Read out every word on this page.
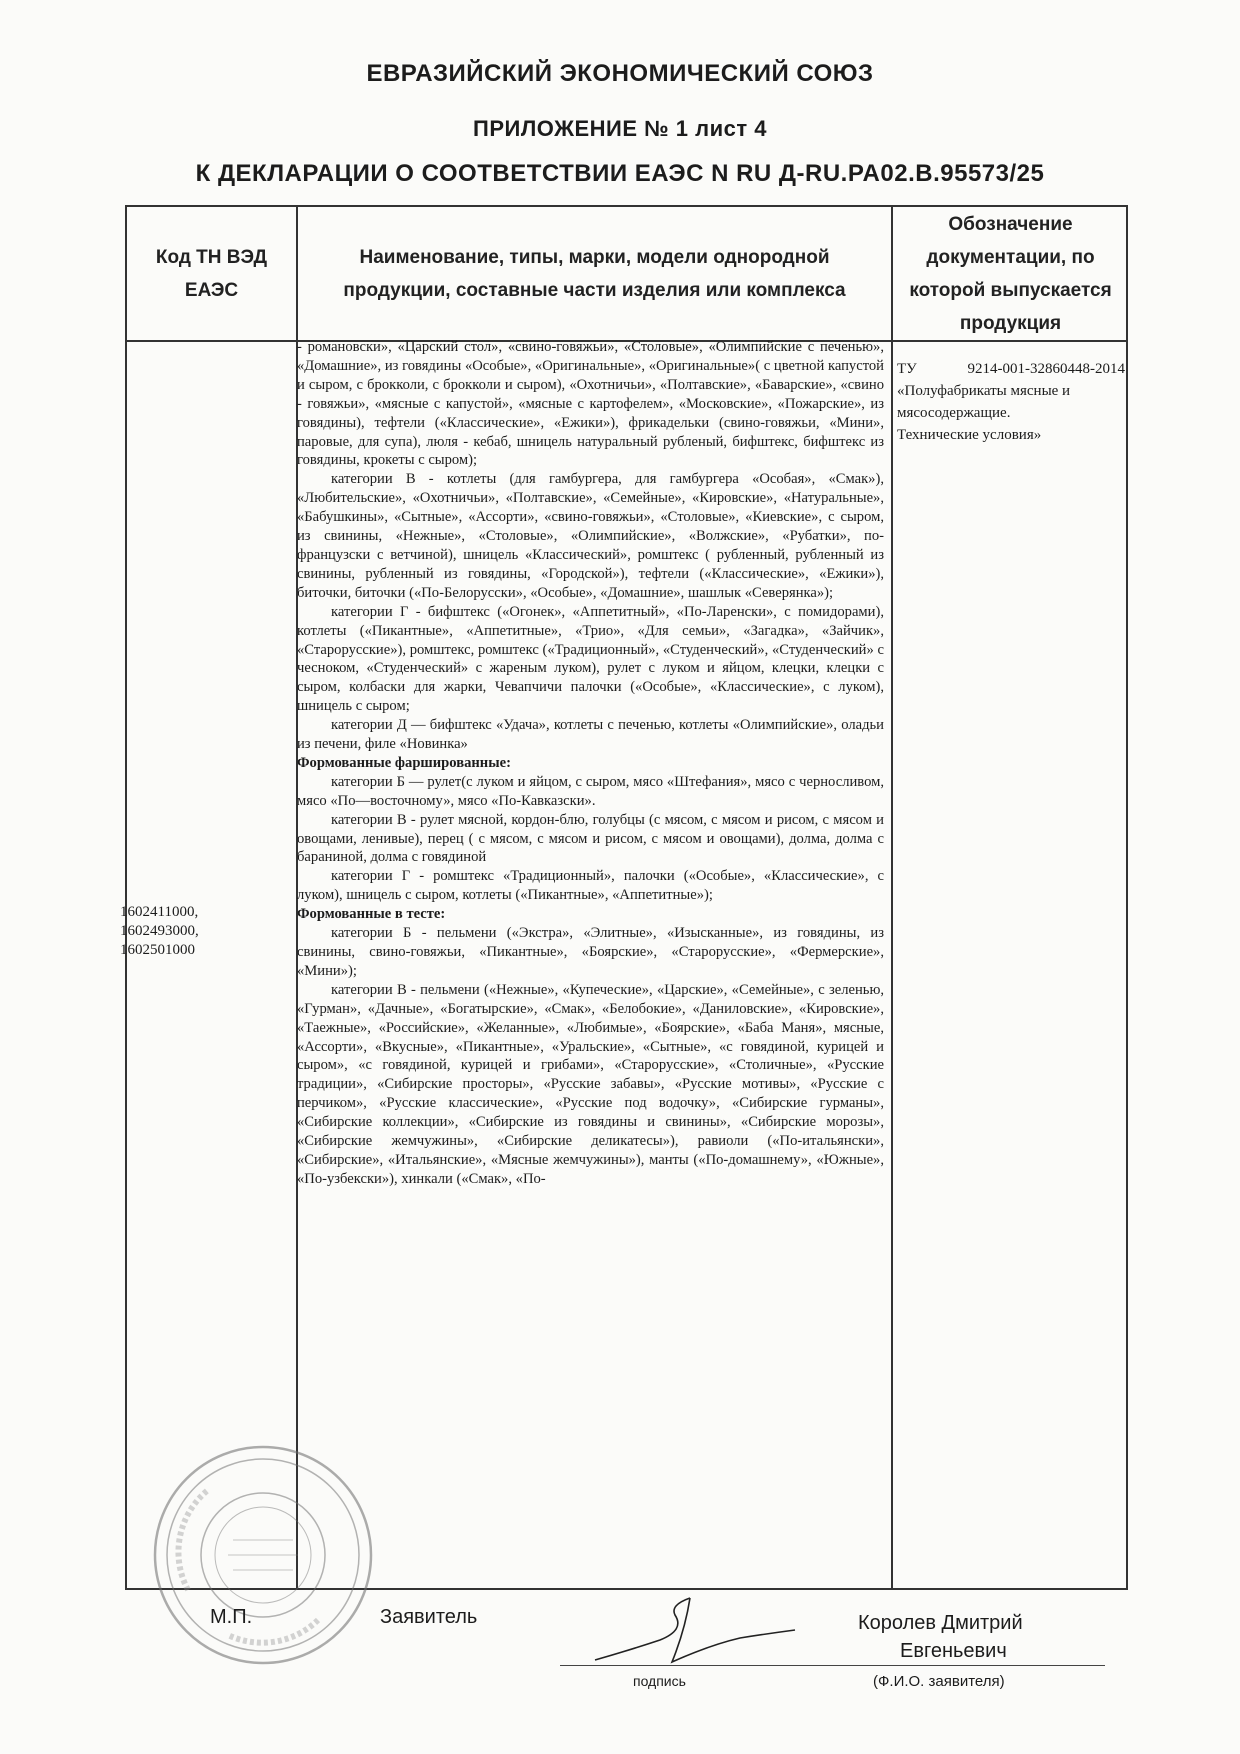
ЕВРАЗИЙСКИЙ ЭКОНОМИЧЕСКИЙ СОЮЗ
ПРИЛОЖЕНИЕ № 1 лист 4
К ДЕКЛАРАЦИИ О СООТВЕТСТВИИ ЕАЭС N RU Д-RU.PA02.B.95573/25
Код ТН ВЭД ЕАЭС
Наименование, типы, марки, модели однородной продукции, составные части изделия или комплекса
Обозначение документации, по которой выпускается продукция
1602411000,
1602493000,
1602501000

- романовски», «Царский стол», «свино-говяжьи», «Столовые», «Олимпийские с печенью», «Домашние», из говядины «Особые», «Оригинальные», «Оригинальные»( с цветной капустой и сыром, с брокколи, с брокколи и сыром), «Охотничьи», «Полтавские», «Баварские», «свино - говяжьи», «мясные с капустой», «мясные с картофелем», «Московские», «Пожарские», из говядины), тефтели («Классические», «Ежики»), фрикадельки (свино-говяжьи, «Мини», паровые, для супа), люля - кебаб, шницель натуральный рубленый, бифштекс, бифштекс из говядины, крокеты с сыром);

категории В - котлеты (для гамбургера, для гамбургера «Особая», «Смак»), «Любительские», «Охотничьи», «Полтавские», «Семейные», «Кировские», «Натуральные», «Бабушкины», «Сытные», «Ассорти», «свино-говяжьи», «Столовые», «Киевские», с сыром, из свинины, «Нежные», «Столовые», «Олимпийские», «Волжские», «Рубатки», по-французски с ветчиной), шницель «Классический», ромштекс ( рубленный, рубленный из свинины, рубленный из говядины, «Городской»), тефтели («Классические», «Ежики»), биточки, биточки («По-Белорусски», «Особые», «Домашние», шашлык «Северянка»);

категории Г - бифштекс («Огонек», «Аппетитный», «По-Ларенски», с помидорами), котлеты («Пикантные», «Аппетитные», «Трио», «Для семьи», «Загадка», «Зайчик», «Старорусские»), ромштекс, ромштекс («Традиционный», «Студенческий», «Студенческий» с чесноком, «Студенческий» с жареным луком), рулет с луком и яйцом, клецки, клецки с сыром, колбаски для жарки, Чевапчичи палочки («Особые», «Классические», с луком), шницель с сыром;

категории Д — бифштекс «Удача», котлеты с печенью, котлеты «Олимпийские», оладьи из печени, филе «Новинка»

Формованные фаршированные:

категории Б — рулет(с луком и яйцом, с сыром, мясо «Штефания», мясо с черносливом, мясо «По—восточному», мясо «По-Кавказски».

категории В - рулет мясной, кордон-блю, голубцы (с мясом, с мясом и рисом, с мясом и овощами, ленивые), перец ( с мясом, с мясом и рисом, с мясом и овощами), долма, долма с бараниной, долма с говядиной

категории Г - ромштекс «Традиционный», палочки («Особые», «Классические», с луком), шницель с сыром, котлеты («Пикантные», «Аппетитные»);

Формованные в тесте:

категории Б - пельмени («Экстра», «Элитные», «Изысканные», из говядины, из свинины, свино-говяжьи, «Пикантные», «Боярские», «Старорусские», «Фермерские», «Мини»);

категории В - пельмени («Нежные», «Купеческие», «Царские», «Семейные», с зеленью, «Гурман», «Дачные», «Богатырские», «Смак», «Белобокие», «Даниловские», «Кировские», «Таежные», «Российские», «Желанные», «Любимые», «Боярские», «Баба Маня», мясные, «Ассорти», «Вкусные», «Пикантные», «Уральские», «Сытные», «с говядиной, курицей и сыром», «с говядиной, курицей и грибами», «Старорусские», «Столичные», «Русские традиции», «Сибирские просторы», «Русские забавы», «Русские мотивы», «Русские с перчиком», «Русские классические», «Русские под водочку», «Сибирские гурманы», «Сибирские коллекции», «Сибирские из говядины и свинины», «Сибирские морозы», «Сибирские жемчужины», «Сибирские деликатесы»), равиоли («По-итальянски», «Сибирские», «Итальянские», «Мясные жемчужины»), манты («По-домашнему», «Южные», «По-узбекски»), хинкали («Смак», «По-

ТУ 9214-001-32860448-2014
«Полуфабрикаты мясные и мясосодержащие.
Технические условия»
М.П.	Заявитель
подпись
Королев Дмитрий
Евгеньевич
(Ф.И.О. заявителя)
